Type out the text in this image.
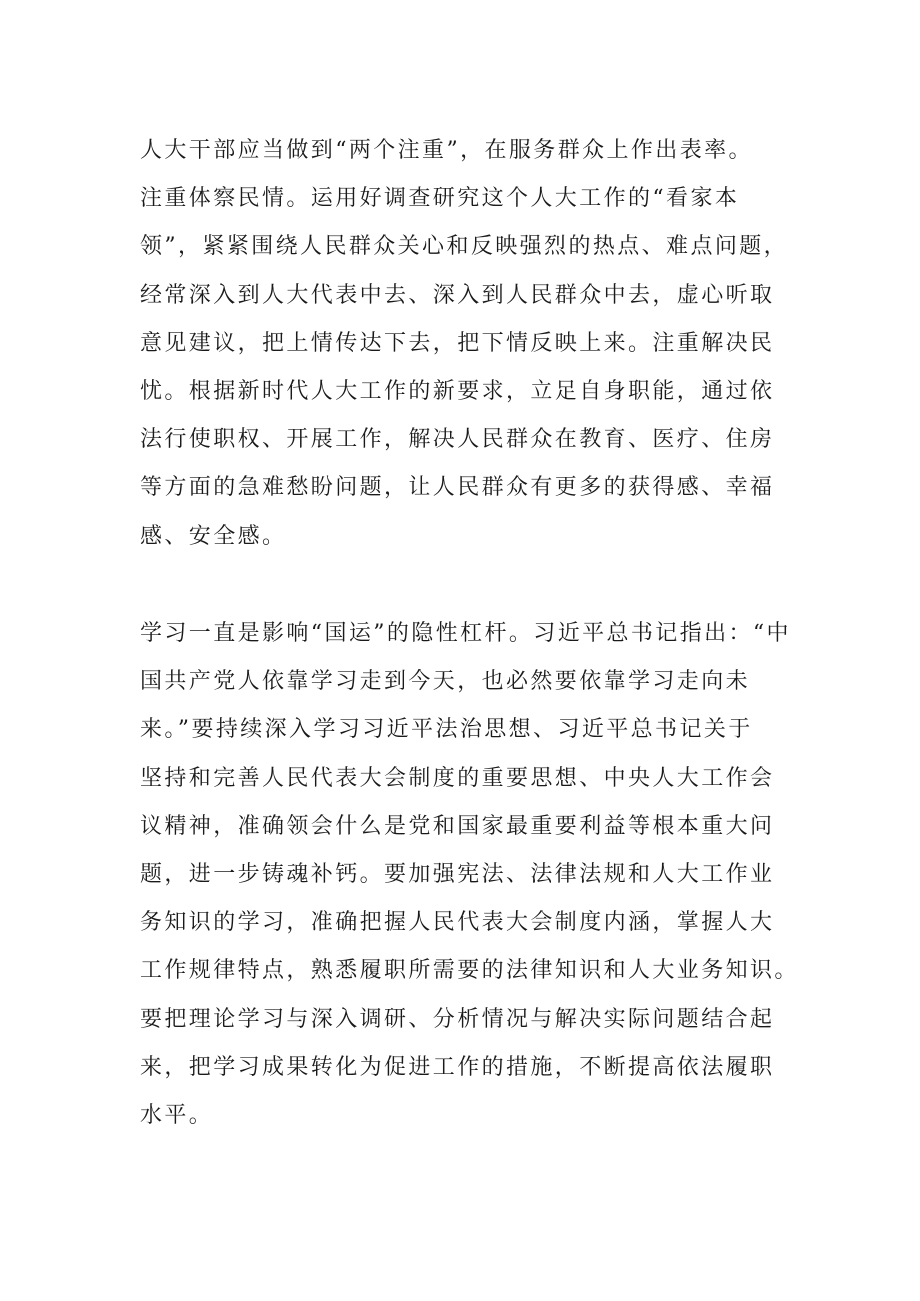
人大干部应当做到“两个注重”，在服务群众上作出表率。
注重体察民情。运用好调查研究这个人大工作的“看家本
领”，紧紧围绕人民群众关心和反映强烈的热点、难点问题，
经常深入到人大代表中去、深入到人民群众中去，虚心听取
意见建议，把上情传达下去，把下情反映上来。注重解决民
忧。根据新时代人大工作的新要求，立足自身职能，通过依
法行使职权、开展工作，解决人民群众在教育、医疗、住房
等方面的急难愁盼问题，让人民群众有更多的获得感、幸福
感、安全感。
学习一直是影响“国运”的隐性杠杆。习近平总书记指出：“中
国共产党人依靠学习走到今天，也必然要依靠学习走向未
来。”要持续深入学习习近平法治思想、习近平总书记关于
坚持和完善人民代表大会制度的重要思想、中央人大工作会
议精神，准确领会什么是党和国家最重要利益等根本重大问
题，进一步铸魂补钙。要加强宪法、法律法规和人大工作业
务知识的学习，准确把握人民代表大会制度内涵，掌握人大
工作规律特点，熟悉履职所需要的法律知识和人大业务知识。
要把理论学习与深入调研、分析情况与解决实际问题结合起
来，把学习成果转化为促进工作的措施，不断提高依法履职
水平。
